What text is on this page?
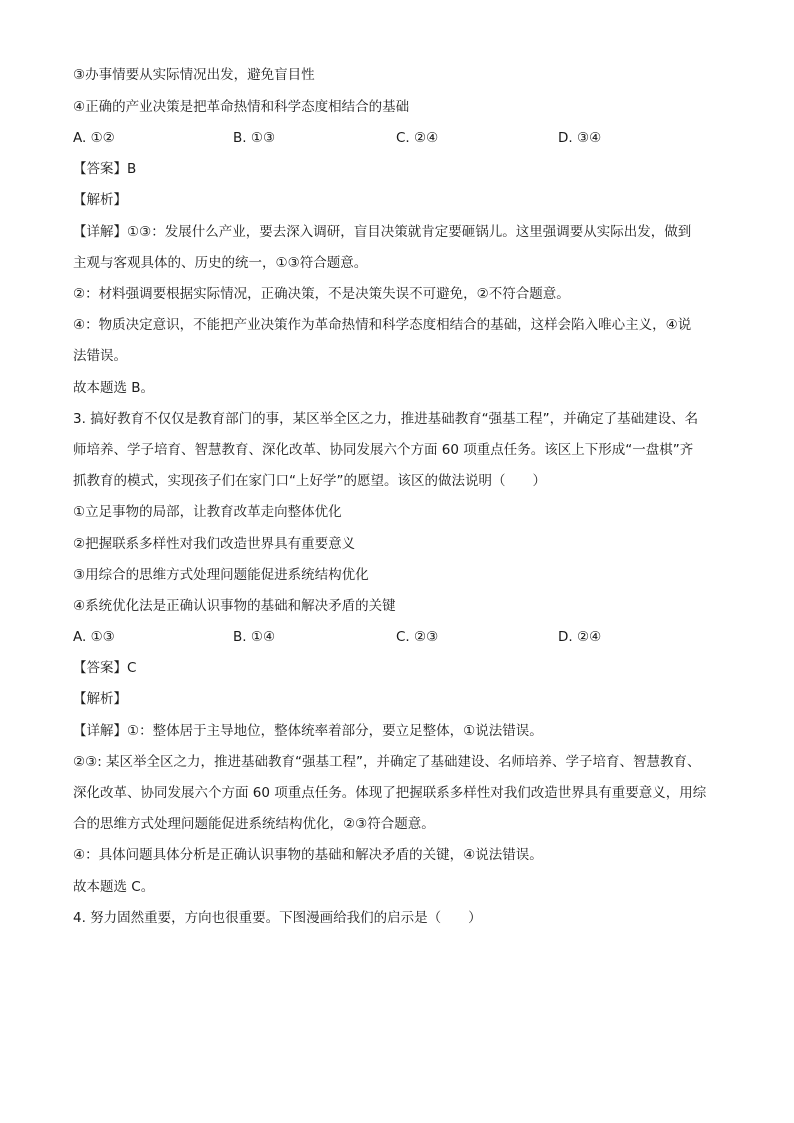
③办事情要从实际情况出发，避免盲目性
④正确的产业决策是把革命热情和科学态度相结合的基础
A. ①②	B. ①③	C. ②④	D. ③④
【答案】B
【解析】
【详解】①③：发展什么产业，要去深入调研，盲目决策就肯定要砸锅儿。这里强调要从实际出发，做到
主观与客观具体的、历史的统一，①③符合题意。
②：材料强调要根据实际情况，正确决策，不是决策失误不可避免，②不符合题意。
④：物质决定意识，不能把产业决策作为革命热情和科学态度相结合的基础，这样会陷入唯心主义，④说
法错误。
故本题选 B。
3. 搞好教育不仅仅是教育部门的事，某区举全区之力，推进基础教育“强基工程”，并确定了基础建设、名
师培养、学子培育、智慧教育、深化改革、协同发展六个方面 60 项重点任务。该区上下形成“一盘棋”齐
抓教育的模式，实现孩子们在家门口“上好学”的愿望。该区的做法说明（　　）
①立足事物的局部，让教育改革走向整体优化
②把握联系多样性对我们改造世界具有重要意义
③用综合的思维方式处理问题能促进系统结构优化
④系统优化法是正确认识事物的基础和解决矛盾的关键
A. ①③	B. ①④	C. ②③	D. ②④
【答案】C
【解析】
【详解】①：整体居于主导地位，整体统率着部分，要立足整体，①说法错误。
②③: 某区举全区之力，推进基础教育“强基工程”，并确定了基础建设、名师培养、学子培育、智慧教育、
深化改革、协同发展六个方面 60 项重点任务。体现了把握联系多样性对我们改造世界具有重要意义，用综
合的思维方式处理问题能促进系统结构优化，②③符合题意。
④：具体问题具体分析是正确认识事物的基础和解决矛盾的关键，④说法错误。
故本题选 C。
4. 努力固然重要，方向也很重要。下图漫画给我们的启示是（　　）
